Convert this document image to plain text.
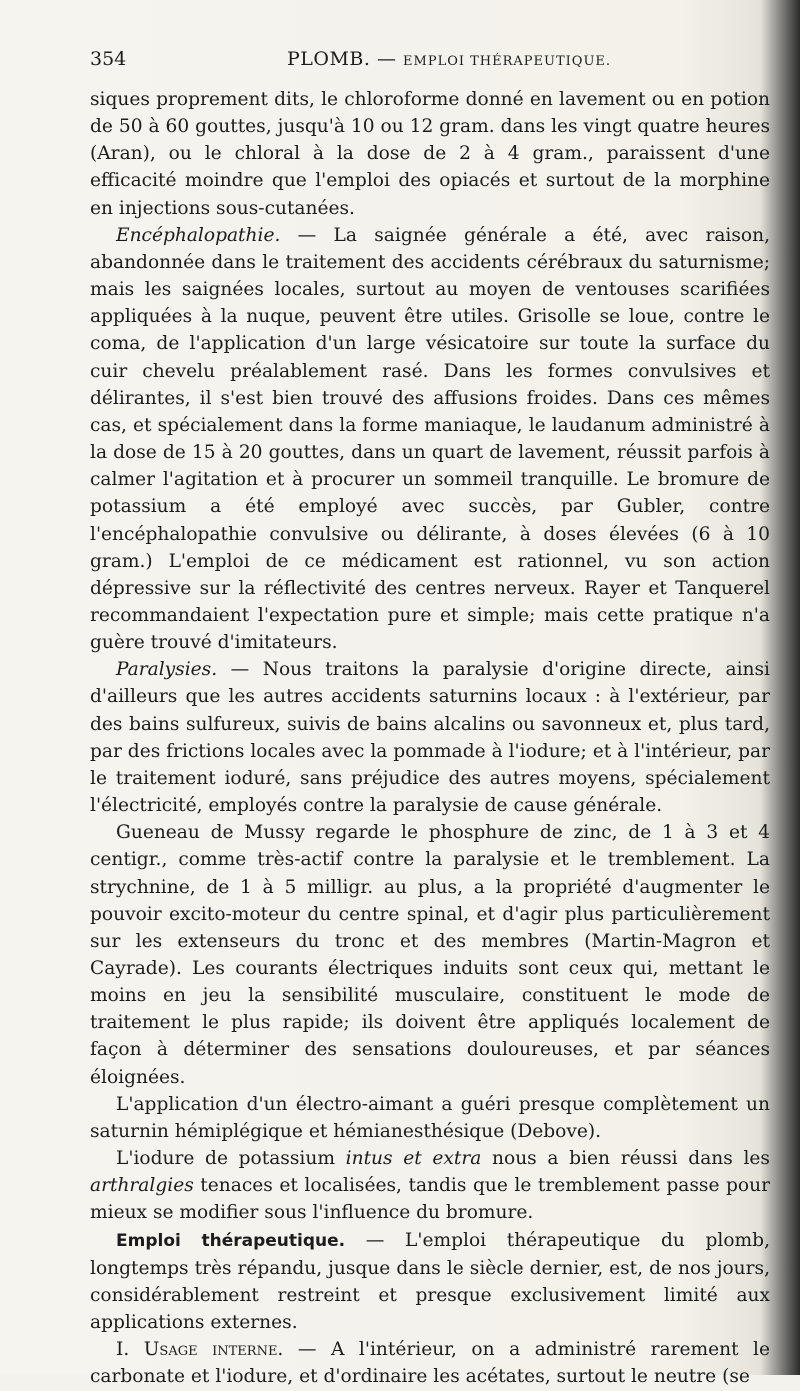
354	PLOMB. — EMPLOI THÉRAPEUTIQUE.

siques proprement dits, le chloroforme donné en lavement ou en potion de 50 à 60 gouttes, jusqu'à 10 ou 12 gram. dans les vingt quatre heures (Aran), ou le chloral à la dose de 2 à 4 gram., paraissent d'une efficacité moindre que l'emploi des opiacés et surtout de la morphine en injections sous-cutanées.

Encéphalopathie. — La saignée générale a été, avec raison, abandonnée dans le traitement des accidents cérébraux du saturnisme; mais les saignées locales, surtout au moyen de ventouses scarifiées appliquées à la nuque, peuvent être utiles. Grisolle se loue, contre le coma, de l'application d'un large vésicatoire sur toute la surface du cuir chevelu préalablement rasé. Dans les formes convulsives et délirantes, il s'est bien trouvé des affusions froides. Dans ces mêmes cas, et spécialement dans la forme maniaque, le laudanum administré à la dose de 15 à 20 gouttes, dans un quart de lavement, réussit parfois à calmer l'agitation et à procurer un sommeil tranquille. Le bromure de potassium a été employé avec succès, par Gubler, contre l'encéphalopathie convulsive ou délirante, à doses élevées (6 à 10 gram.) L'emploi de ce médicament est rationnel, vu son action dépressive sur la réflectivité des centres nerveux. Rayer et Tanquerel recommandaient l'expectation pure et simple; mais cette pratique n'a guère trouvé d'imitateurs.

Paralysies. — Nous traitons la paralysie d'origine directe, ainsi d'ailleurs que les autres accidents saturnins locaux : à l'extérieur, par des bains sulfureux, suivis de bains alcalins ou savonneux et, plus tard, par des frictions locales avec la pommade à l'iodure; et à l'intérieur, par le traitement ioduré, sans préjudice des autres moyens, spécialement l'électricité, employés contre la paralysie de cause générale.

Gueneau de Mussy regarde le phosphure de zinc, de 1 à 3 et 4 centigr., comme très-actif contre la paralysie et le tremblement. La strychnine, de 1 à 5 milligr. au plus, a la propriété d'augmenter le pouvoir excito-moteur du centre spinal, et d'agir plus particulièrement sur les extenseurs du tronc et des membres (Martin-Magron et Cayrade). Les courants électriques induits sont ceux qui, mettant le moins en jeu la sensibilité musculaire, constituent le mode de traitement le plus rapide; ils doivent être appliqués localement de façon à déterminer des sensations douloureuses, et par séances éloignées.

L'application d'un électro-aimant a guéri presque complètement un saturnin hémiplégique et hémianesthésique (Debove).

L'iodure de potassium intus et extra nous a bien réussi dans les arthralgies tenaces et localisées, tandis que le tremblement passe pour mieux se modifier sous l'influence du bromure.

Emploi thérapeutique. — L'emploi thérapeutique du plomb, longtemps très répandu, jusque dans le siècle dernier, est, de nos jours, considérablement restreint et presque exclusivement limité aux applications externes.

I. Usage interne. — A l'intérieur, on a administré rarement le carbonate et l'iodure, et d'ordinaire les acétates, surtout le neutre (se
